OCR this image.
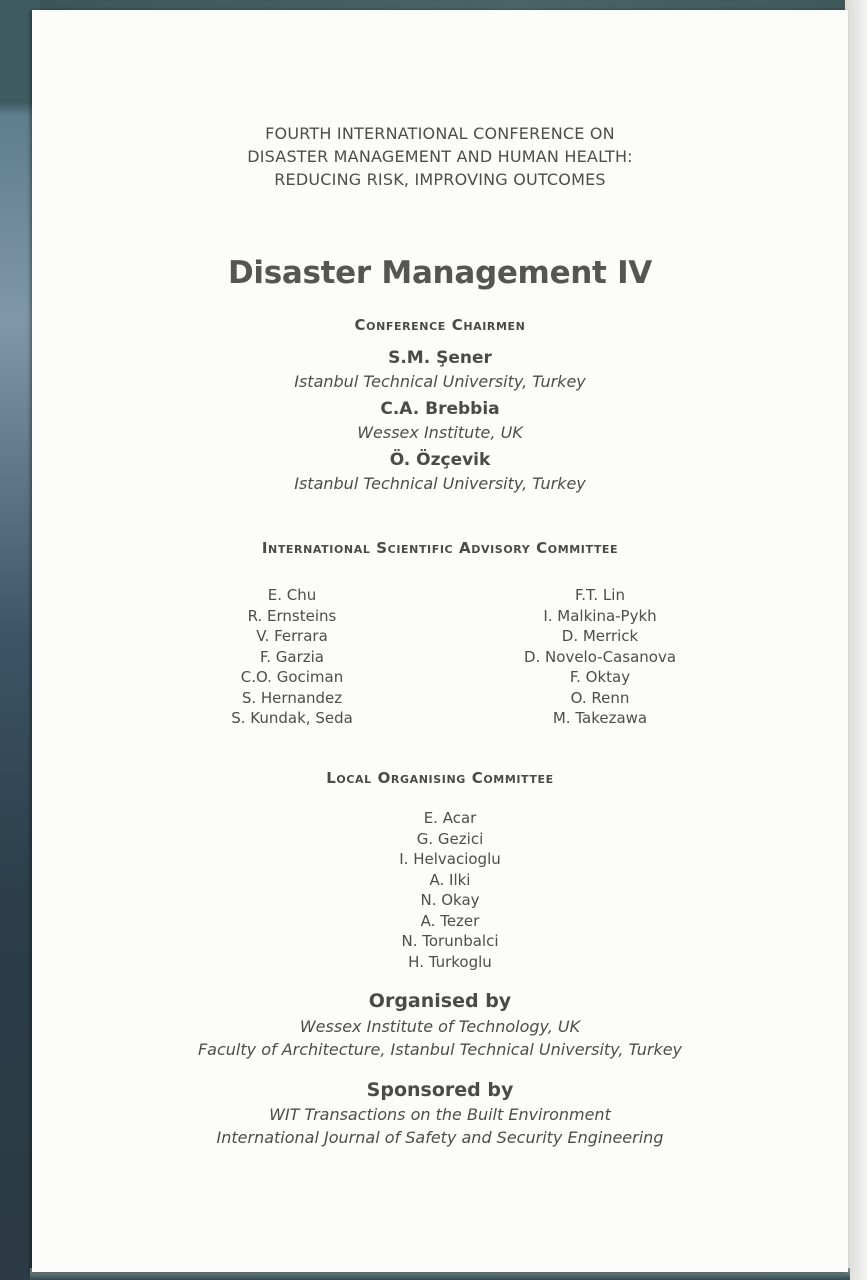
FOURTH INTERNATIONAL CONFERENCE ON
DISASTER MANAGEMENT AND HUMAN HEALTH:
REDUCING RISK, IMPROVING OUTCOMES
Disaster Management IV
Conference Chairmen
S.M. Şener
Istanbul Technical University, Turkey
C.A. Brebbia
Wessex Institute, UK
Ö. Özçevik
Istanbul Technical University, Turkey
International Scientific Advisory Committee
E. Chu
R. Ernsteins
V. Ferrara
F. Garzia
C.O. Gociman
S. Hernandez
S. Kundak, Seda
F.T. Lin
I. Malkina-Pykh
D. Merrick
D. Novelo-Casanova
F. Oktay
O. Renn
M. Takezawa
Local Organising Committee
E. Acar
G. Gezici
I. Helvacioglu
A. Ilki
N. Okay
A. Tezer
N. Torunbalci
H. Turkoglu
Organised by
Wessex Institute of Technology, UK
Faculty of Architecture, Istanbul Technical University, Turkey
Sponsored by
WIT Transactions on the Built Environment
International Journal of Safety and Security Engineering
